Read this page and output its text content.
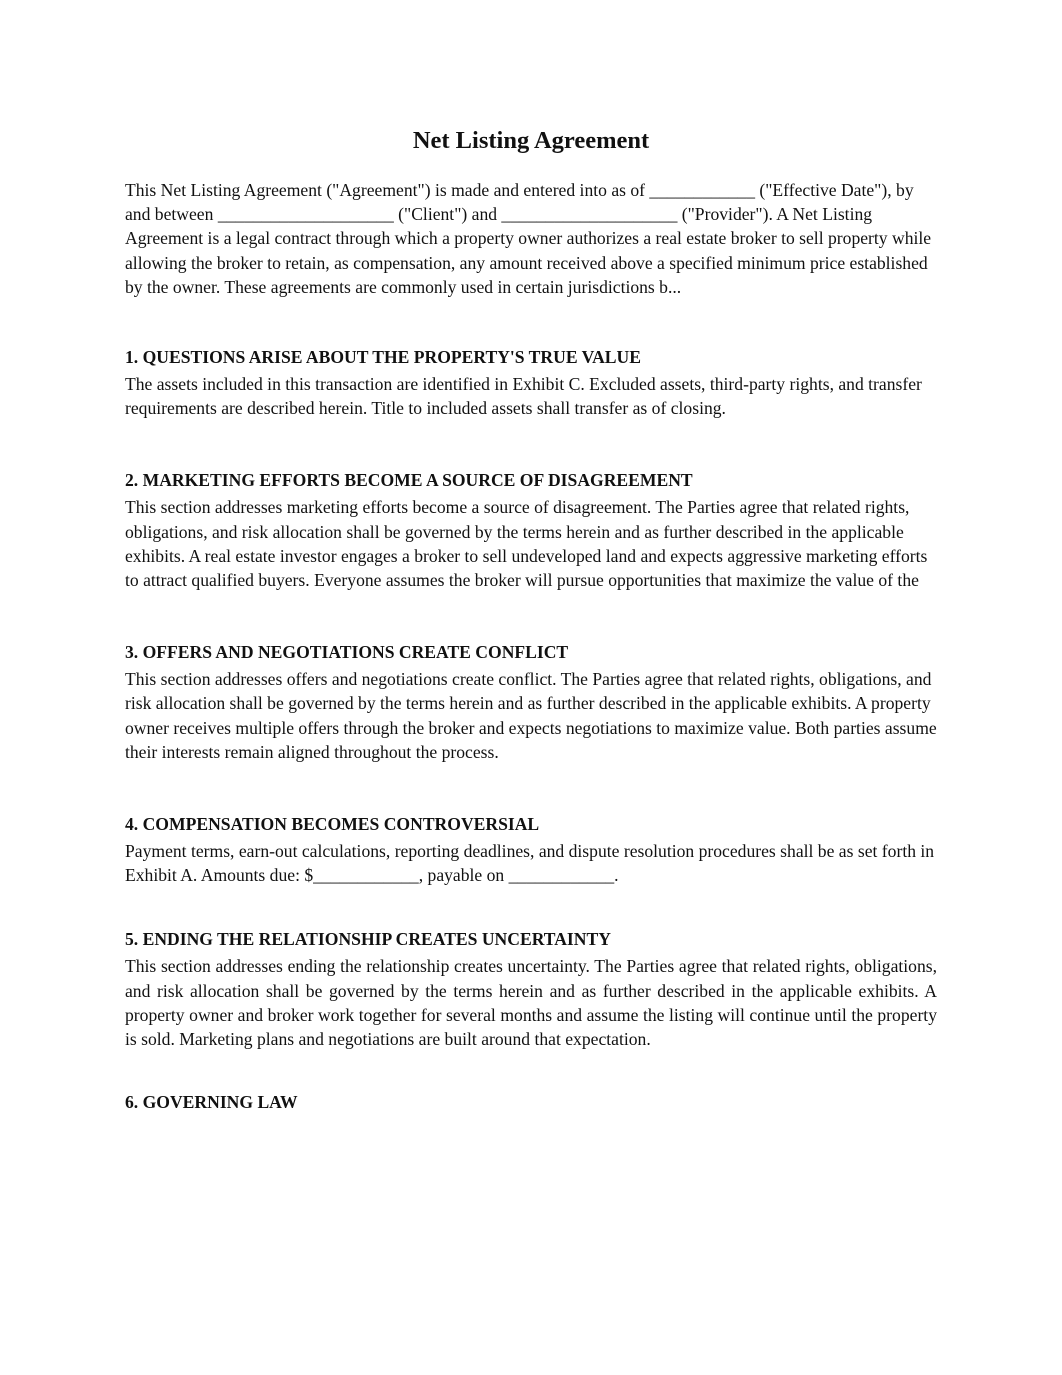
Net Listing Agreement

This Net Listing Agreement ("Agreement") is made and entered into as of ____________ ("Effective Date"), by and between ____________________ ("Client") and ____________________ ("Provider"). A Net Listing Agreement is a legal contract through which a property owner authorizes a real estate broker to sell property while allowing the broker to retain, as compensation, any amount received above a specified minimum price established by the owner. These agreements are commonly used in certain jurisdictions b...

1. QUESTIONS ARISE ABOUT THE PROPERTY'S TRUE VALUE

The assets included in this transaction are identified in Exhibit C. Excluded assets, third-party rights, and transfer requirements are described herein. Title to included assets shall transfer as of closing.

2. MARKETING EFFORTS BECOME A SOURCE OF DISAGREEMENT

This section addresses marketing efforts become a source of disagreement. The Parties agree that related rights, obligations, and risk allocation shall be governed by the terms herein and as further described in the applicable exhibits. A real estate investor engages a broker to sell undeveloped land and expects aggressive marketing efforts to attract qualified buyers. Everyone assumes the broker will pursue opportunities that maximize the value of the

3. OFFERS AND NEGOTIATIONS CREATE CONFLICT

This section addresses offers and negotiations create conflict. The Parties agree that related rights, obligations, and risk allocation shall be governed by the terms herein and as further described in the applicable exhibits. A property owner receives multiple offers through the broker and expects negotiations to maximize value. Both parties assume their interests remain aligned throughout the process.

4. COMPENSATION BECOMES CONTROVERSIAL

Payment terms, earn-out calculations, reporting deadlines, and dispute resolution procedures shall be as set forth in Exhibit A. Amounts due: $____________, payable on ____________.

5. ENDING THE RELATIONSHIP CREATES UNCERTAINTY

This section addresses ending the relationship creates uncertainty. The Parties agree that related rights, obligations, and risk allocation shall be governed by the terms herein and as further described in the applicable exhibits. A property owner and broker work together for several months and assume the listing will continue until the property is sold. Marketing plans and negotiations are built around that expectation.

6. GOVERNING LAW
